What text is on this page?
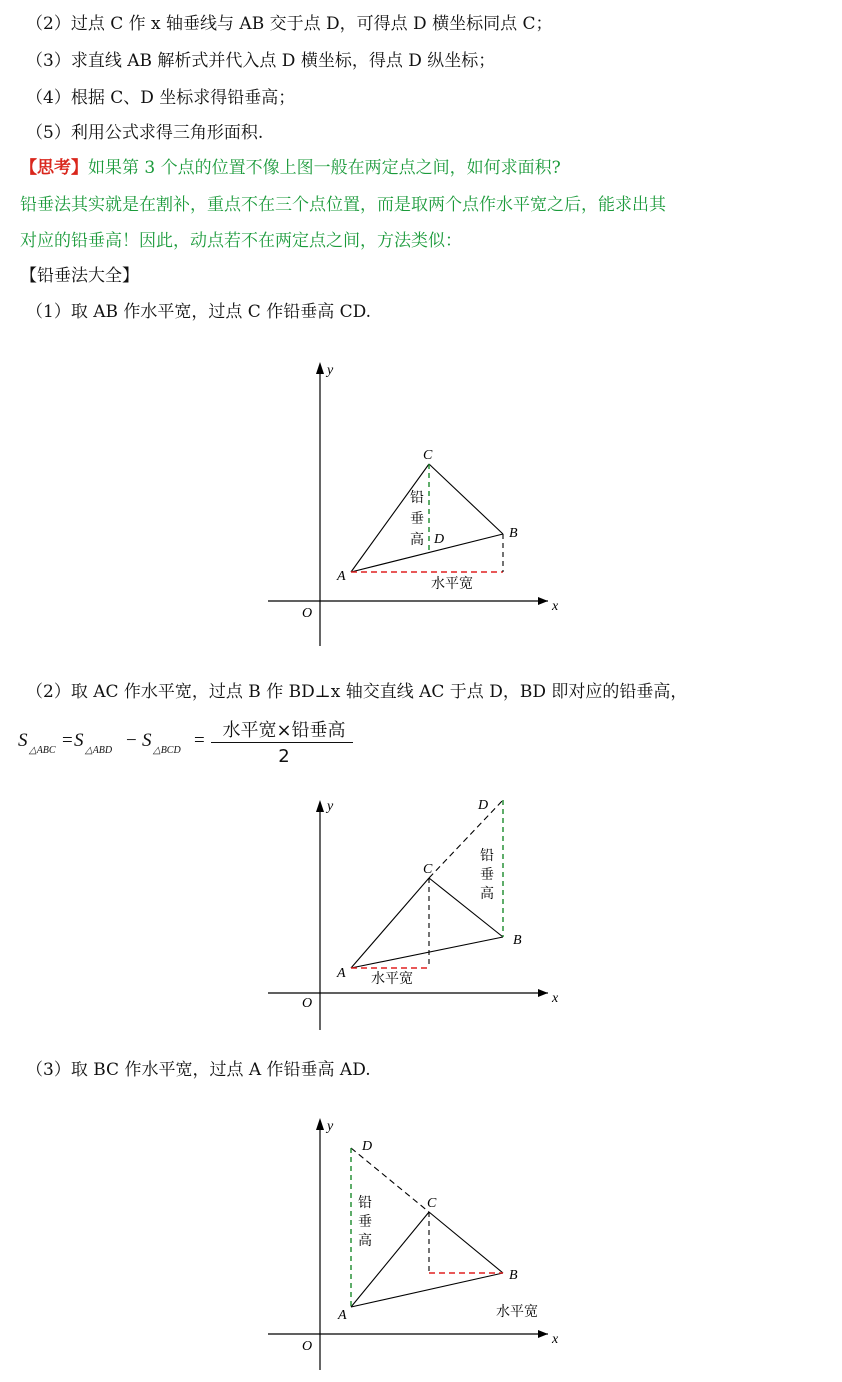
（2）过点 C 作 x 轴垂线与 AB 交于点 D，可得点 D 横坐标同点 C；
（3）求直线 AB 解析式并代入点 D 横坐标，得点 D 纵坐标；
（4）根据 C、D 坐标求得铅垂高；
（5）利用公式求得三角形面积.
【思考】如果第 3 个点的位置不像上图一般在两定点之间，如何求面积?
铅垂法其实就是在割补，重点不在三个点位置，而是取两个点作水平宽之后，能求出其
对应的铅垂高！因此，动点若不在两定点之间，方法类似：
【铅垂法大全】
（1）取 AB 作水平宽，过点 C 作铅垂高 CD.
y
x
O
C
B
A
D
铅
垂
高
水平宽
y
x
O
C
D
B
A
铅
垂
高
水平宽
y
x
O
D
C
B
A
铅
垂
高
水平宽
（2）取 AC 作水平宽，过点 B 作 BD⊥x 轴交直线 AC 于点 D，BD 即对应的铅垂高，
S △ABC = S △ABD − S △BCD = 水平宽×铅垂高
2
（3）取 BC 作水平宽，过点 A 作铅垂高 AD.
